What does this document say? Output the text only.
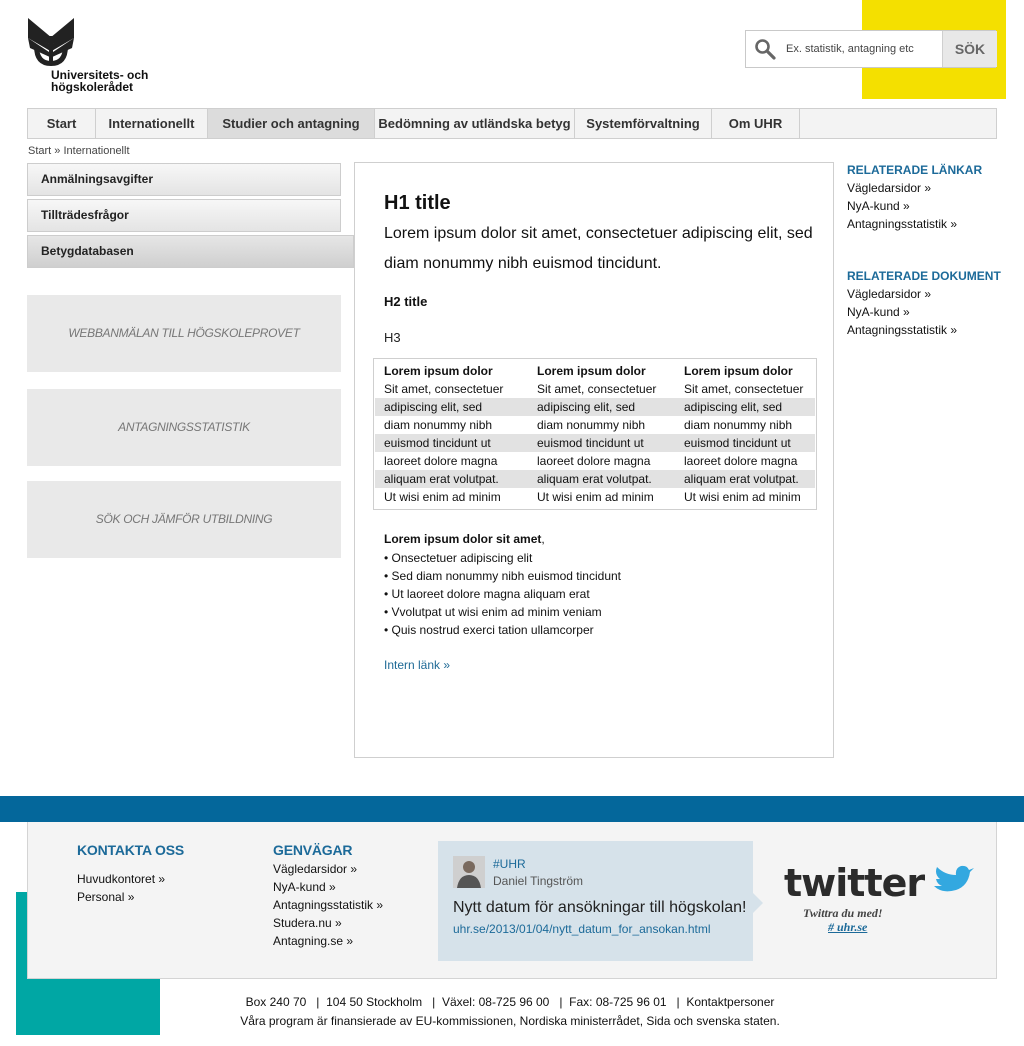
Universitets- och
högskolerådet
Ex. statistik, antagning etc
SÖK
Start	Internationellt	Studier och antagning	Bedömning av utländska betyg	Systemförvaltning	Om UHR
Start » Internationellt
Anmälningsavgifter
Tillträdesfrågor
Betygdatabasen
WEBBANMÄLAN TILL HÖGSKOLEPROVET
ANTAGNINGSSTATISTIK
SÖK OCH JÄMFÖR UTBILDNING
H1 title
Lorem ipsum dolor sit amet, consectetuer adipiscing elit, sed diam nonummy nibh euismod tincidunt.
H2 title
H3
Lorem ipsum dolor	Lorem ipsum dolor	Lorem ipsum dolor
Sit amet, consectetuer	Sit amet, consectetuer	Sit amet, consectetuer
adipiscing elit, sed	adipiscing elit, sed	adipiscing elit, sed
diam nonummy nibh	diam nonummy nibh	diam nonummy nibh
euismod tincidunt ut	euismod tincidunt ut	euismod tincidunt ut
laoreet dolore magna	laoreet dolore magna	laoreet dolore magna
aliquam erat volutpat.	aliquam erat volutpat.	aliquam erat volutpat.
Ut wisi enim ad minim	Ut wisi enim ad minim	Ut wisi enim ad minim
Lorem ipsum dolor sit amet,
• Onsectetuer adipiscing elit
• Sed diam nonummy nibh euismod tincidunt
• Ut laoreet dolore magna aliquam erat
• Vvolutpat ut wisi enim ad minim veniam
• Quis nostrud exerci tation ullamcorper
Intern länk »
RELATERADE LÄNKAR
Vägledarsidor »
NyA-kund »
Antagningsstatistik »
RELATERADE DOKUMENT
Vägledarsidor »
NyA-kund »
Antagningsstatistik »
KONTAKTA OSS
Huvudkontoret »
Personal »
GENVÄGAR
Vägledarsidor »
NyA-kund »
Antagningsstatistik »
Studera.nu »
Antagning.se »
#UHR
Daniel Tingström
Nytt datum för ansökningar till högskolan!
uhr.se/2013/01/04/nytt_datum_for_ansokan.html
twitter
Twittra du med!
# uhr.se
Box 240 70   |  104 50 Stockholm   |  Växel: 08-725 96 00   |  Fax: 08-725 96 01   |  Kontaktpersoner
Våra program är finansierade av EU-kommissionen, Nordiska ministerrådet, Sida och svenska staten.
